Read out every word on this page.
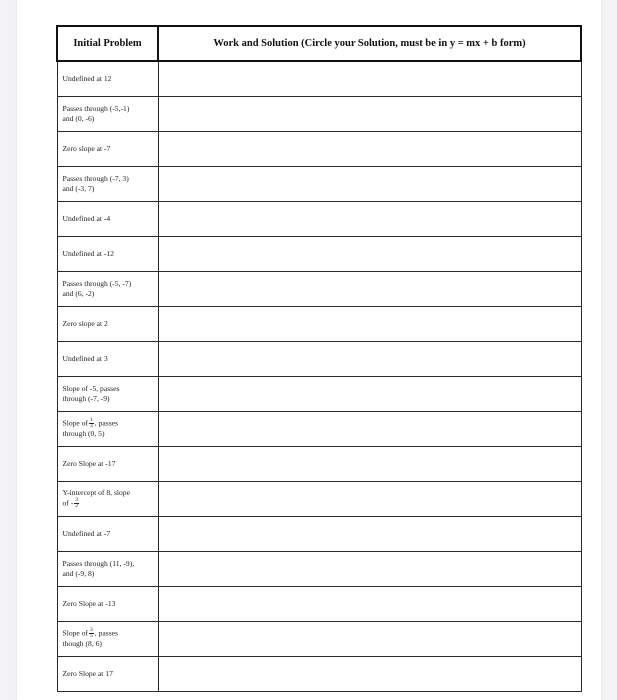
Initial Problem	Work and Solution (Circle your Solution, must be in y = mx + b form)

Undefined at 12	

Passes through (-5,-1)
and (0, -6)	

Zero slope at -7	

Passes through (-7, 3)
and (-3, 7)	

Undefined at -4	

Undefined at -12	

Passes through (-5, -7)
and (6, -2)	

Zero slope at 2	

Undefined at 3	

Slope of -5, passes
through (-7, -9)	

Slope of $\frac{1}{3}$ , passes
through (0, 5)	

Zero Slope at -17	

Y-intercept of 8, slope
of - $\frac{3}{2}$

Undefined at -7	

Passes through (11, -9),
and (-9, 8)	

Zero Slope at -13	

Slope of $\frac{3}{5}$ , passes
though (8, 6)	

Zero Slope at 17	
